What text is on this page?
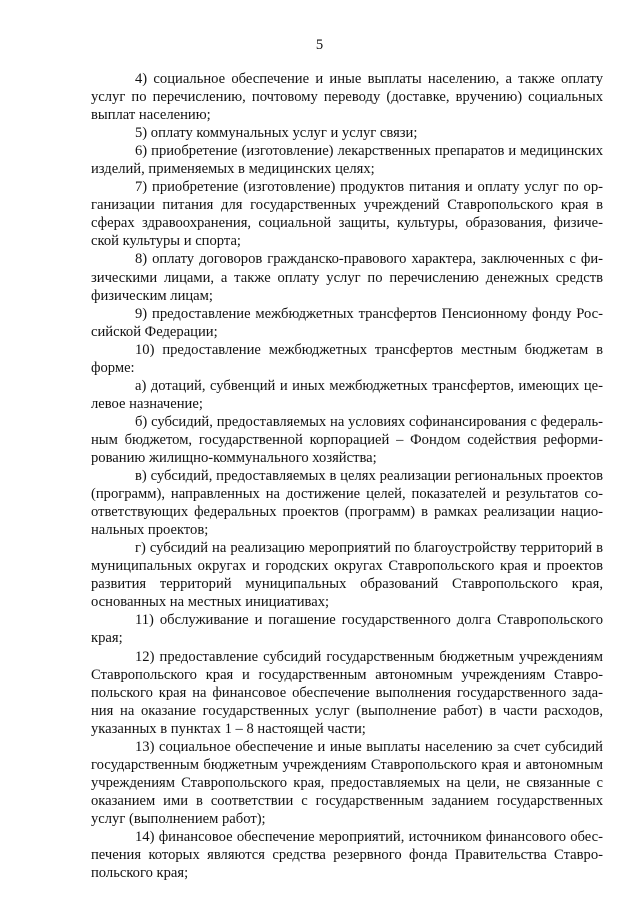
5

4) социальное обеспечение и иные выплаты населению, а также оплату услуг по перечислению, почтовому переводу (доставке, вручению) социальных выплат населению;

5) оплату коммунальных услуг и услуг связи;

6) приобретение (изготовление) лекарственных препаратов и медицинских изделий, применяемых в медицинских целях;

7) приобретение (изготовление) продуктов питания и оплату услуг по организации питания для государственных учреждений Ставропольского края в сферах здравоохранения, социальной защиты, культуры, образования, физической культуры и спорта;

8) оплату договоров гражданско-правового характера, заключенных с физическими лицами, а также оплату услуг по перечислению денежных средств физическим лицам;

9) предоставление межбюджетных трансфертов Пенсионному фонду Российской Федерации;

10) предоставление межбюджетных трансфертов местным бюджетам в форме:

а) дотаций, субвенций и иных межбюджетных трансфертов, имеющих целевое назначение;

б) субсидий, предоставляемых на условиях софинансирования с федеральным бюджетом, государственной корпорацией – Фондом содействия реформированию жилищно-коммунального хозяйства;

в) субсидий, предоставляемых в целях реализации региональных проектов (программ), направленных на достижение целей, показателей и результатов соответствующих федеральных проектов (программ) в рамках реализации национальных проектов;

г) субсидий на реализацию мероприятий по благоустройству территорий в муниципальных округах и городских округах Ставропольского края и проектов развития территорий муниципальных образований Ставропольского края, основанных на местных инициативах;

11) обслуживание и погашение государственного долга Ставропольского края;

12) предоставление субсидий государственным бюджетным учреждениям Ставропольского края и государственным автономным учреждениям Ставропольского края на финансовое обеспечение выполнения государственного задания на оказание государственных услуг (выполнение работ) в части расходов, указанных в пунктах 1 – 8 настоящей части;

13) социальное обеспечение и иные выплаты населению за счет субсидий государственным бюджетным учреждениям Ставропольского края и автономным учреждениям Ставропольского края, предоставляемых на цели, не связанные с оказанием ими в соответствии с государственным заданием государственных услуг (выполнением работ);

14) финансовое обеспечение мероприятий, источником финансового обеспечения которых являются средства резервного фонда Правительства Ставропольского края;
